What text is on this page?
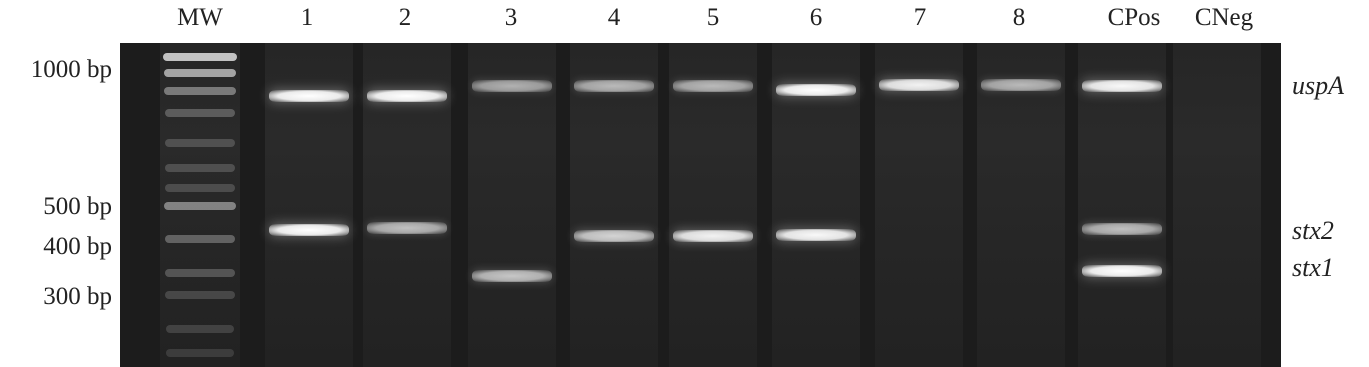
MW	1	2	3	4	5	6	7	8	CPos	CNeg
1000 bp
500 bp
400 bp
300 bp
uspA
stx2
stx1
